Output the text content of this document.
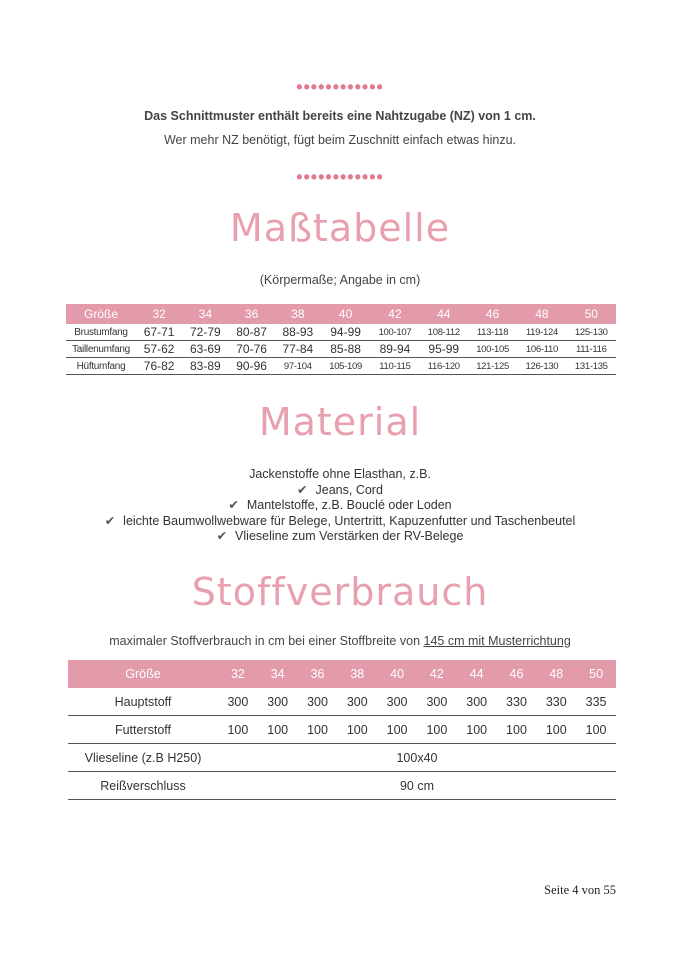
••••••••••••
Das Schnittmuster enthält bereits eine Nahtzugabe (NZ) von 1 cm.
Wer mehr NZ benötigt, fügt beim Zuschnitt einfach etwas hinzu.
••••••••••••
Maßtabelle
(Körpermaße; Angabe in cm)
Größe	32	34	36	38	40	42	44	46	48	50
Brustumfang	67-71	72-79	80-87	88-93	94-99	100-107	108-112	113-118	119-124	125-130
Taillenumfang	57-62	63-69	70-76	77-84	85-88	89-94	95-99	100-105	106-110	111-116
Hüftumfang	76-82	83-89	90-96	97-104	105-109	110-115	116-120	121-125	126-130	131-135
Material
Jackenstoffe ohne Elasthan, z.B.
✔ Jeans, Cord
✔ Mantelstoffe, z.B. Bouclé oder Loden
✔ leichte Baumwollwebware für Belege, Untertritt, Kapuzenfutter und Taschenbeutel
✔ Vlieseline zum Verstärken der RV-Belege
Stoffverbrauch
maximaler Stoffverbrauch in cm bei einer Stoffbreite von 145 cm mit Musterrichtung
Größe	32	34	36	38	40	42	44	46	48	50
Hauptstoff	300	300	300	300	300	300	300	330	330	335
Futterstoff	100	100	100	100	100	100	100	100	100	100
Vlieseline (z.B H250)	100x40									
Reißverschluss	90 cm									
Seite 4 von 55
